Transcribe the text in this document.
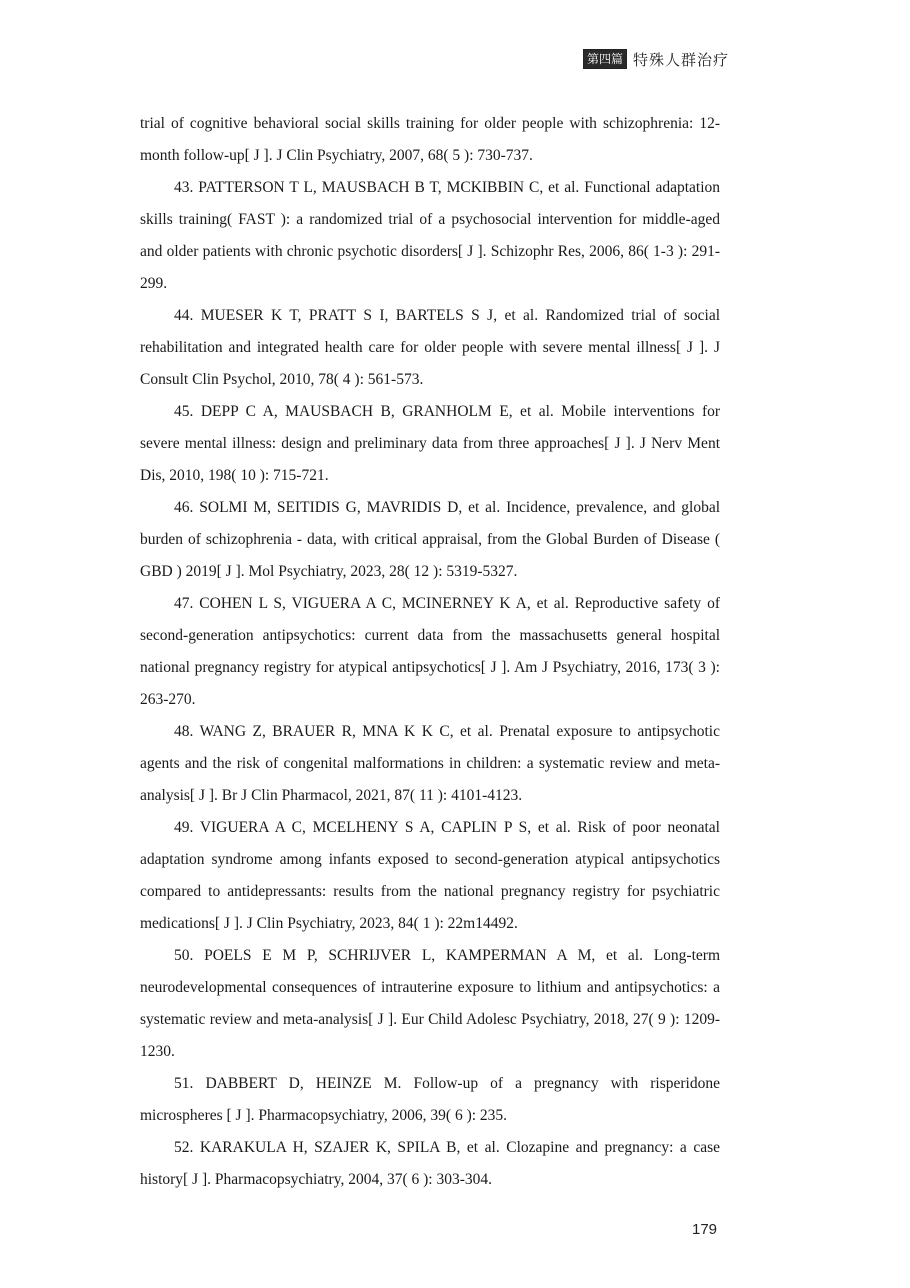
第四篇 特殊人群治疗

trial of cognitive behavioral social skills training for older people with schizophrenia: 12-month follow-up[ J ]. J Clin Psychiatry, 2007, 68( 5 ): 730-737.

43. PATTERSON T L, MAUSBACH B T, MCKIBBIN C, et al. Functional adaptation skills training( FAST ): a randomized trial of a psychosocial intervention for middle-aged and older patients with chronic psychotic disorders[ J ]. Schizophr Res, 2006, 86( 1-3 ): 291-299.

44. MUESER K T, PRATT S I, BARTELS S J, et al. Randomized trial of social rehabilitation and integrated health care for older people with severe mental illness[ J ]. J Consult Clin Psychol, 2010, 78( 4 ): 561-573.

45. DEPP C A, MAUSBACH B, GRANHOLM E, et al. Mobile interventions for severe mental illness: design and preliminary data from three approaches[ J ]. J Nerv Ment Dis, 2010, 198( 10 ): 715-721.

46. SOLMI M, SEITIDIS G, MAVRIDIS D, et al. Incidence, prevalence, and global burden of schizophrenia - data, with critical appraisal, from the Global Burden of Disease ( GBD ) 2019[ J ]. Mol Psychiatry, 2023, 28( 12 ): 5319-5327.

47. COHEN L S, VIGUERA A C, MCINERNEY K A, et al. Reproductive safety of second-generation antipsychotics: current data from the massachusetts general hospital national pregnancy registry for atypical antipsychotics[ J ]. Am J Psychiatry, 2016, 173( 3 ): 263-270.

48. WANG Z, BRAUER R, MNA K K C, et al. Prenatal exposure to antipsychotic agents and the risk of congenital malformations in children: a systematic review and meta-analysis[ J ]. Br J Clin Pharmacol, 2021, 87( 11 ): 4101-4123.

49. VIGUERA A C, MCELHENY S A, CAPLIN P S, et al. Risk of poor neonatal adaptation syndrome among infants exposed to second-generation atypical antipsychotics compared to antidepressants: results from the national pregnancy registry for psychiatric medications[ J ]. J Clin Psychiatry, 2023, 84( 1 ): 22m14492.

50. POELS E M P, SCHRIJVER L, KAMPERMAN A M, et al. Long-term neurodevelopmental consequences of intrauterine exposure to lithium and antipsychotics: a systematic review and meta-analysis[ J ]. Eur Child Adolesc Psychiatry, 2018, 27( 9 ): 1209-1230.

51. DABBERT D, HEINZE M. Follow-up of a pregnancy with risperidone microspheres [ J ]. Pharmacopsychiatry, 2006, 39( 6 ): 235.

52. KARAKULA H, SZAJER K, SPILA B, et al. Clozapine and pregnancy: a case history[ J ]. Pharmacopsychiatry, 2004, 37( 6 ): 303-304.

179
